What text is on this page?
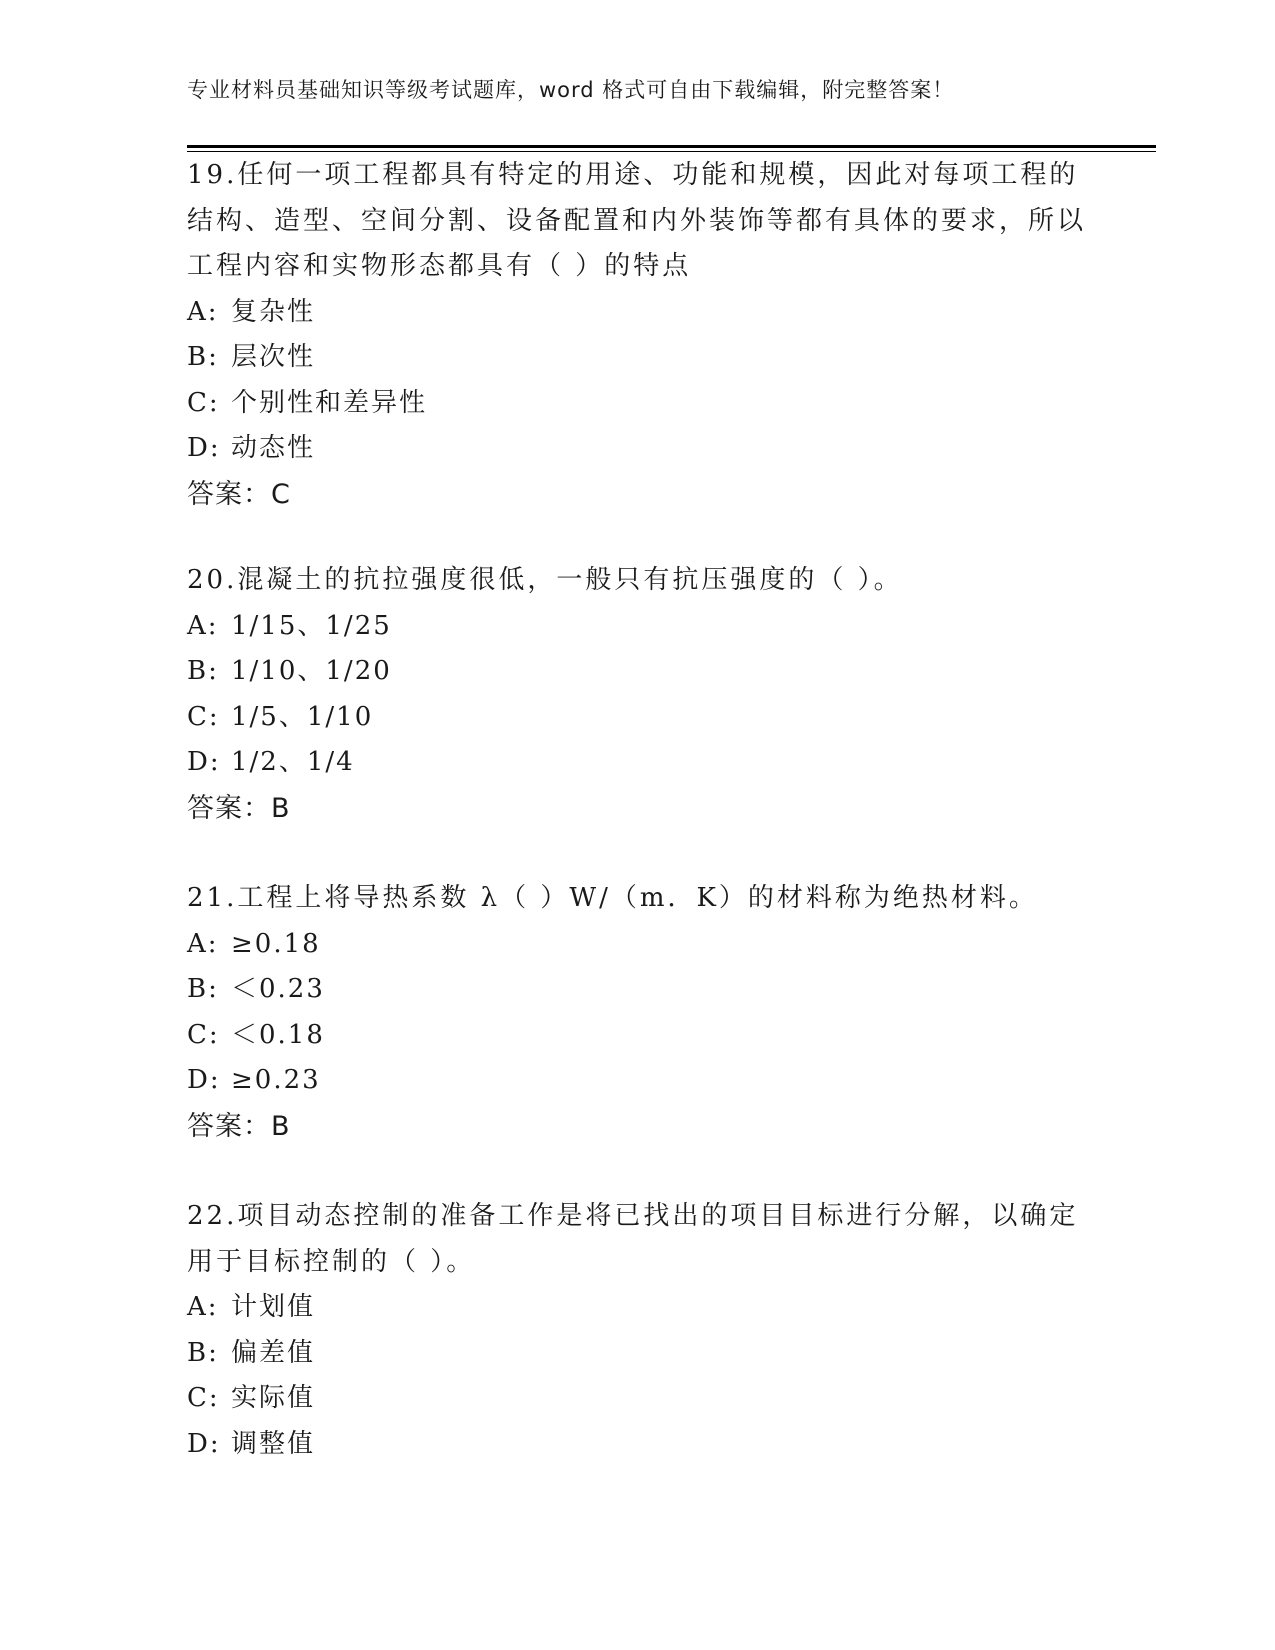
专业材料员基础知识等级考试题库，word 格式可自由下载编辑，附完整答案！

19.任何一项工程都具有特定的用途、功能和规模，因此对每项工程的结构、造型、空间分割、设备配置和内外装饰等都有具体的要求，所以工程内容和实物形态都具有（ ）的特点

A: 复杂性
B: 层次性
C: 个别性和差异性
D: 动态性
答案：C

20.混凝土的抗拉强度很低，一般只有抗压强度的（ ）。

A: 1/15、1/25
B: 1/10、1/20
C: 1/5、1/10
D: 1/2、1/4
答案：B

21.工程上将导热系数 λ（ ）W/（m．K）的材料称为绝热材料。

A: ≥0.18
B: ＜0.23
C: ＜0.18
D: ≥0.23
答案：B

22.项目动态控制的准备工作是将已找出的项目目标进行分解，以确定用于目标控制的（ ）。

A: 计划值
B: 偏差值
C: 实际值
D: 调整值
